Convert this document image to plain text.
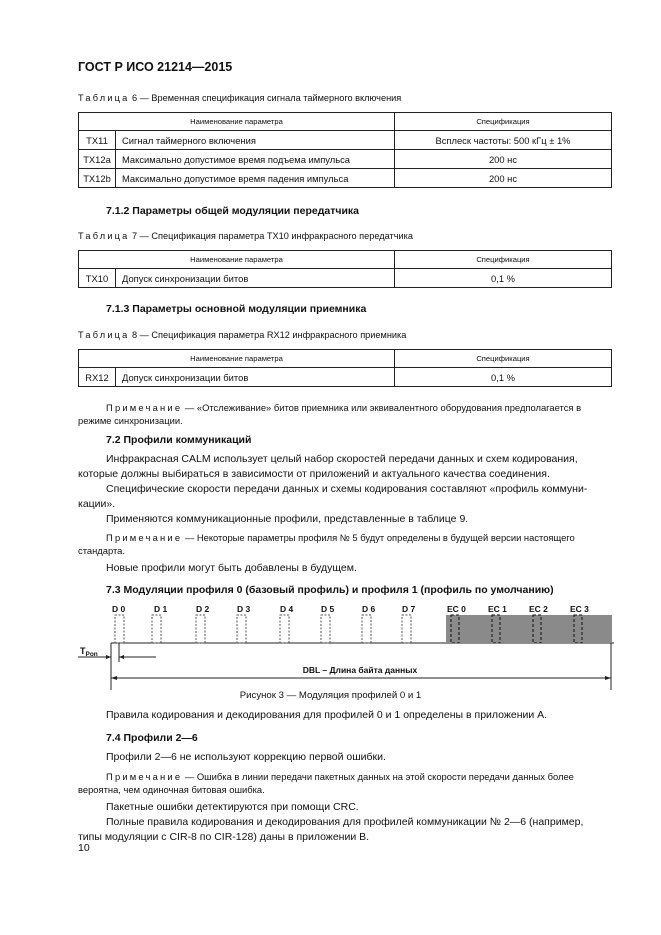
ГОСТ Р ИСО 21214—2015
Таблица 6 — Временная спецификация сигнала таймерного включения
Наименование параметра		Спецификация
TX11	Сигнал таймерного включения	Всплеск частоты: 500 кГц ± 1%
TX12a	Максимально допустимое время подъема импульса	200 нс
TX12b	Максимально допустимое время падения импульса	200 нс
7.1.2 Параметры общей модуляции передатчика
Таблица 7 — Спецификация параметра TX10 инфракрасного передатчика
Наименование параметра		Спецификация
TX10	Допуск синхронизации битов	0,1 %
7.1.3 Параметры основной модуляции приемника
Таблица 8 — Спецификация параметра RX12 инфракрасного приемника
Наименование параметра		Спецификация
RX12	Допуск синхронизации битов	0,1 %
Примечание — «Отслеживание» битов приемника или эквивалентного оборудования предполагается в
режиме синхронизации.
7.2 Профили коммуникаций
Инфракрасная CALM использует целый набор скоростей передачи данных и схем кодирования,
которые должны выбираться в зависимости от приложений и актуального качества соединения.
Специфические скорости передачи данных и схемы кодирования составляют «профиль коммуни-
кации».
Применяются коммуникационные профили, представленные в таблице 9.
Примечание — Некоторые параметры профиля № 5 будут определены в будущей версии настоящего
стандарта.
Новые профили могут быть добавлены в будущем.
7.3 Модуляции профиля 0 (базовый профиль) и профиля 1 (профиль по умолчанию)
D 0	D 1	D 2	D 3	D 4	D 5	D 6	D 7	EC 0	EC 1	EC 2	EC 3
$T_{Pon}$
DBL – Длина байта данных
Рисунок 3 — Модуляция профилей 0 и 1
Правила кодирования и декодирования для профилей 0 и 1 определены в приложении А.
7.4 Профили 2—6
Профили 2—6 не используют коррекцию первой ошибки.
Примечание — Ошибка в линии передачи пакетных данных на этой скорости передачи данных более
вероятна, чем одиночная битовая ошибка.
Пакетные ошибки детектируются при помощи CRC.
Полные правила кодирования и декодирования для профилей коммуникации № 2—6 (например,
типы модуляции с CIR-8 по CIR-128) даны в приложении В.
10
